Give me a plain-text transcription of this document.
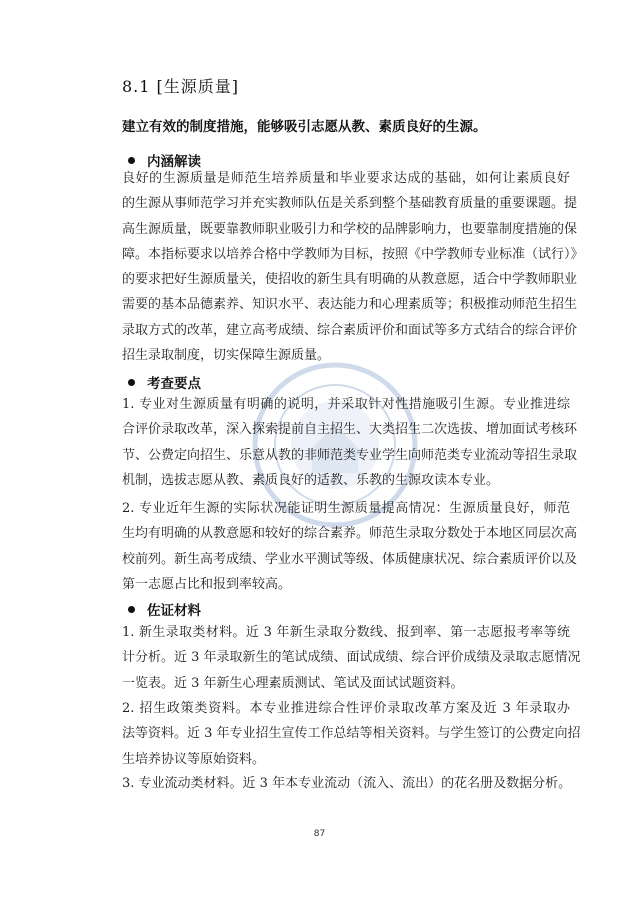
8.1 [生源质量]
建立有效的制度措施，能够吸引志愿从教、素质良好的生源。
内涵解读
良好的生源质量是师范生培养质量和毕业要求达成的基础，如何让素质良好
的生源从事师范学习并充实教师队伍是关系到整个基础教育质量的重要课题。提
高生源质量，既要靠教师职业吸引力和学校的品牌影响力，也要靠制度措施的保
障。本指标要求以培养合格中学教师为目标，按照《中学教师专业标准（试行）》
的要求把好生源质量关，使招收的新生具有明确的从教意愿，适合中学教师职业
需要的基本品德素养、知识水平、表达能力和心理素质等；积极推动师范生招生
录取方式的改革，建立高考成绩、综合素质评价和面试等多方式结合的综合评价
招生录取制度，切实保障生源质量。
考查要点
1. 专业对生源质量有明确的说明，并采取针对性措施吸引生源。专业推进综
合评价录取改革，深入探索提前自主招生、大类招生二次选拔、增加面试考核环
节、公费定向招生、乐意从教的非师范类专业学生向师范类专业流动等招生录取
机制，选拔志愿从教、素质良好的适教、乐教的生源攻读本专业。
2. 专业近年生源的实际状况能证明生源质量提高情况：生源质量良好，师范
生均有明确的从教意愿和较好的综合素养。师范生录取分数处于本地区同层次高
校前列。新生高考成绩、学业水平测试等级、体质健康状况、综合素质评价以及
第一志愿占比和报到率较高。
佐证材料
1. 新生录取类材料。近 3 年新生录取分数线、报到率、第一志愿报考率等统
计分析。近 3 年录取新生的笔试成绩、面试成绩、综合评价成绩及录取志愿情况
一览表。近 3 年新生心理素质测试、笔试及面试试题资料。
2. 招生政策类资料。本专业推进综合性评价录取改革方案及近 3 年录取办
法等资料。近 3 年专业招生宣传工作总结等相关资料。与学生签订的公费定向招
生培养协议等原始资料。
3. 专业流动类材料。近 3 年本专业流动（流入、流出）的花名册及数据分析。
87
